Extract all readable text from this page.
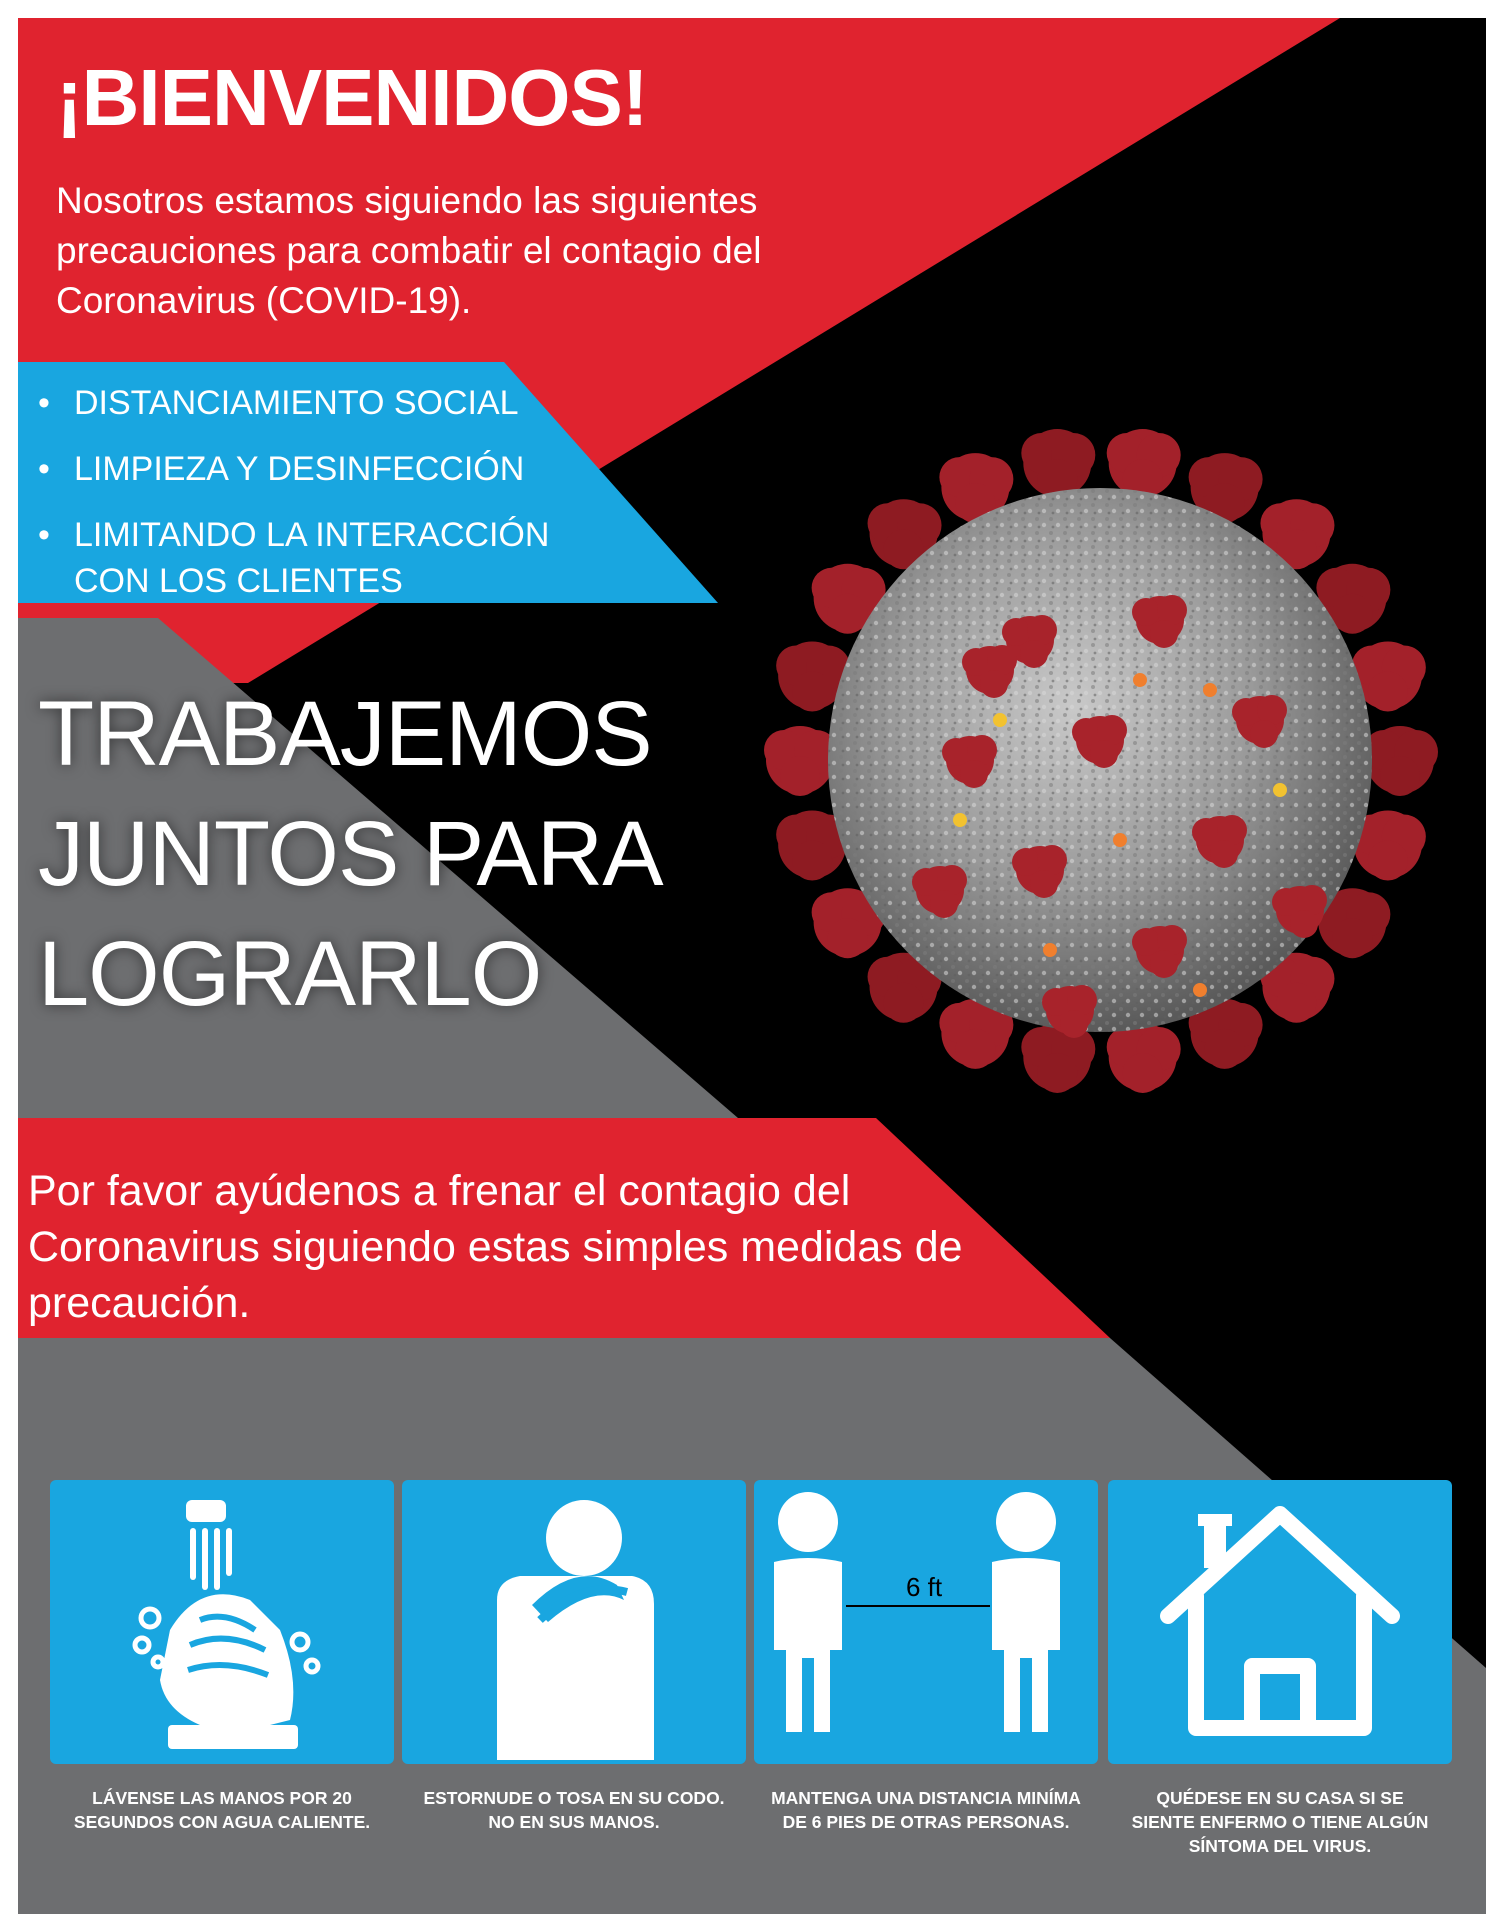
¡BIENVENIDOS!

Nosotros estamos siguiendo las siguientes precauciones para combatir el contagio del Coronavirus (COVID-19).

• DISTANCIAMIENTO SOCIAL
• LIMPIEZA Y DESINFECCIÓN
• LIMITANDO LA INTERACCIÓN CON LOS CLIENTES

TRABAJEMOS JUNTOS PARA LOGRARLO

Por favor ayúdenos a frenar el contagio del Coronavirus siguiendo estas simples medidas de precaución.

6 ft

LÁVENSE LAS MANOS POR 20 SEGUNDOS CON AGUA CALIENTE.

ESTORNUDE O TOSA EN SU CODO. NO EN SUS MANOS.

MANTENGA UNA DISTANCIA MINÍMA DE 6 PIES DE OTRAS PERSONAS.

QUÉDESE EN SU CASA SI SE SIENTE ENFERMO O TIENE ALGÚN SÍNTOMA DEL VIRUS.
